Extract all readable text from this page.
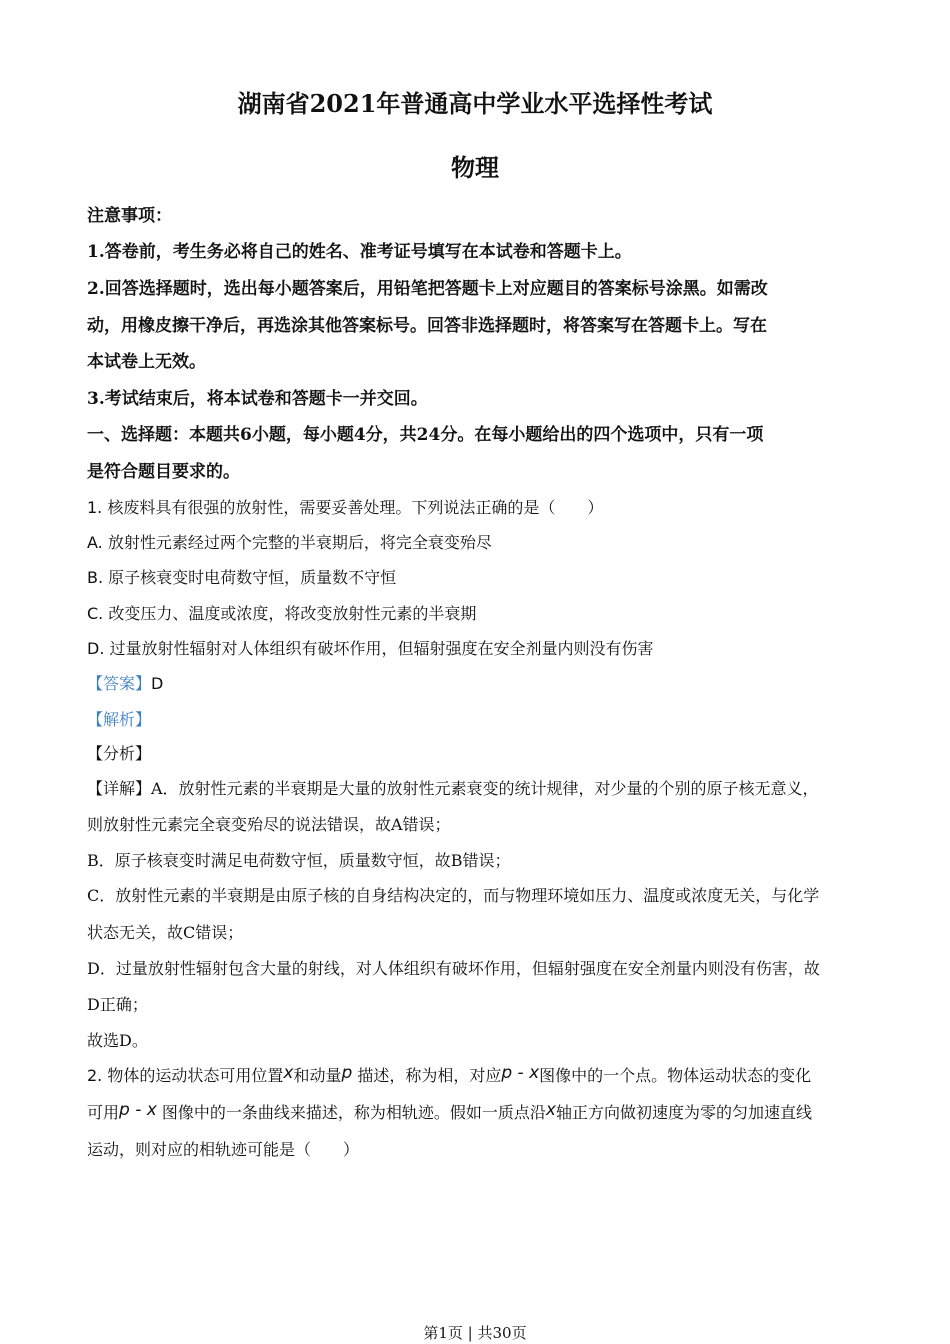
湖南省2021年普通高中学业水平选择性考试
物理
注意事项：
1.答卷前，考生务必将自己的姓名、准考证号填写在本试卷和答题卡上。
2.回答选择题时，选出每小题答案后，用铅笔把答题卡上对应题目的答案标号涂黑。如需改
动，用橡皮擦干净后，再选涂其他答案标号。回答非选择题时，将答案写在答题卡上。写在
本试卷上无效。
3.考试结束后，将本试卷和答题卡一并交回。
一、选择题：本题共6小题，每小题4分，共24分。在每小题给出的四个选项中，只有一项
是符合题目要求的。
1. 核废料具有很强的放射性，需要妥善处理。下列说法正确的是（　　）
A. 放射性元素经过两个完整的半衰期后，将完全衰变殆尽
B. 原子核衰变时电荷数守恒，质量数不守恒
C. 改变压力、温度或浓度，将改变放射性元素的半衰期
D. 过量放射性辐射对人体组织有破坏作用，但辐射强度在安全剂量内则没有伤害
【答案】D
【解析】
【分析】
【详解】A．放射性元素的半衰期是大量的放射性元素衰变的统计规律，对少量的个别的原子核无意义，
则放射性元素完全衰变殆尽的说法错误，故A错误；
B．原子核衰变时满足电荷数守恒，质量数守恒，故B错误；
C．放射性元素的半衰期是由原子核的自身结构决定的，而与物理环境如压力、温度或浓度无关，与化学
状态无关，故C错误；
D．过量放射性辐射包含大量的射线，对人体组织有破坏作用，但辐射强度在安全剂量内则没有伤害，故
D正确；
故选D。
2. 物体的运动状态可用位置x和动量p 描述，称为相，对应p - x图像中的一个点。物体运动状态的变化
可用p - x 图像中的一条曲线来描述，称为相轨迹。假如一质点沿x轴正方向做初速度为零的匀加速直线
运动，则对应的相轨迹可能是（　　）
第1页 | 共30页
